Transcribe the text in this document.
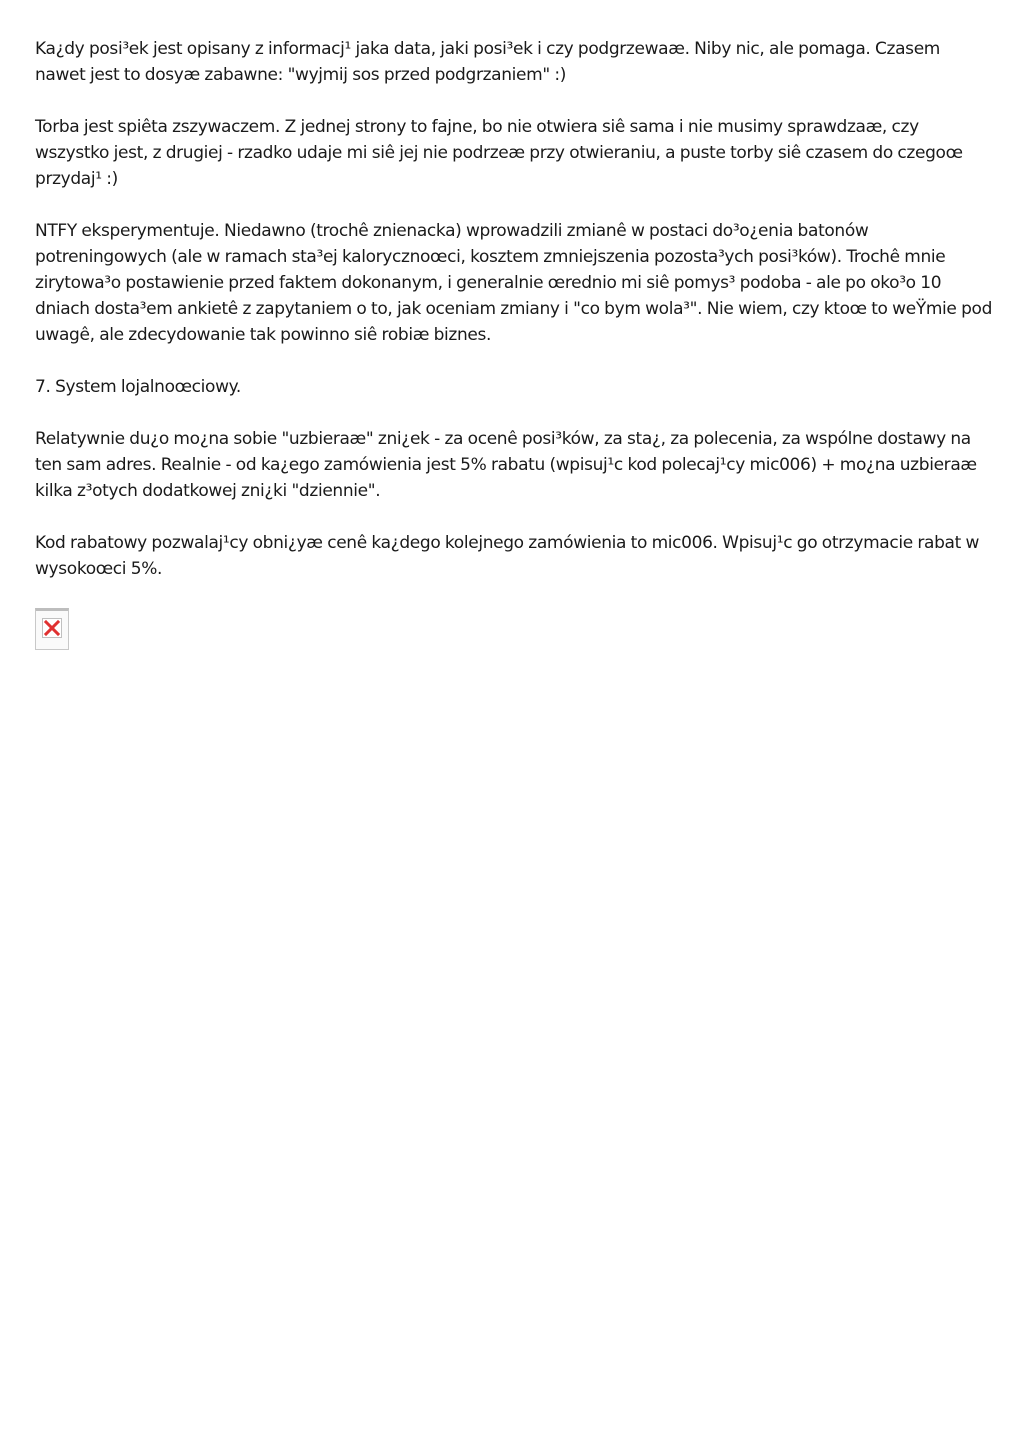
Ka¿dy posi³ek jest opisany z informacj¹ jaka data, jaki posi³ek i czy podgrzewaæ. Niby nic, ale pomaga. Czasem nawet jest to dosyæ zabawne: "wyjmij sos przed podgrzaniem" :)

Torba jest spiêta zszywaczem. Z jednej strony to fajne, bo nie otwiera siê sama i nie musimy sprawdzaæ, czy wszystko jest, z drugiej - rzadko udaje mi siê jej nie podrzeæ przy otwieraniu, a puste torby siê czasem do czegoœ przydaj¹ :)

NTFY eksperymentuje. Niedawno (trochê znienacka) wprowadzili zmianê w postaci do³o¿enia batonów potreningowych (ale w ramach sta³ej kalorycznoœci, kosztem zmniejszenia pozosta³ych posi³ków). Trochê mnie zirytowa³o postawienie przed faktem dokonanym, i generalnie œrednio mi siê pomys³ podoba - ale po oko³o 10 dniach dosta³em ankietê z zapytaniem o to, jak oceniam zmiany i "co bym wola³". Nie wiem, czy ktoœ to weŸmie pod uwagê, ale zdecydowanie tak powinno siê robiæ biznes.

7. System lojalnoœciowy.

Relatywnie du¿o mo¿na sobie "uzbieraæ" zni¿ek - za ocenê posi³ków, za sta¿, za polecenia, za wspólne dostawy na ten sam adres. Realnie - od ka¿ego zamówienia jest 5% rabatu (wpisuj¹c kod polecaj¹cy mic006) + mo¿na uzbieraæ kilka z³otych dodatkowej zni¿ki "dziennie".

Kod rabatowy pozwalaj¹cy obni¿yæ cenê ka¿dego kolejnego zamówienia to mic006. Wpisuj¹c go otrzymacie rabat w wysokoœci 5%.
